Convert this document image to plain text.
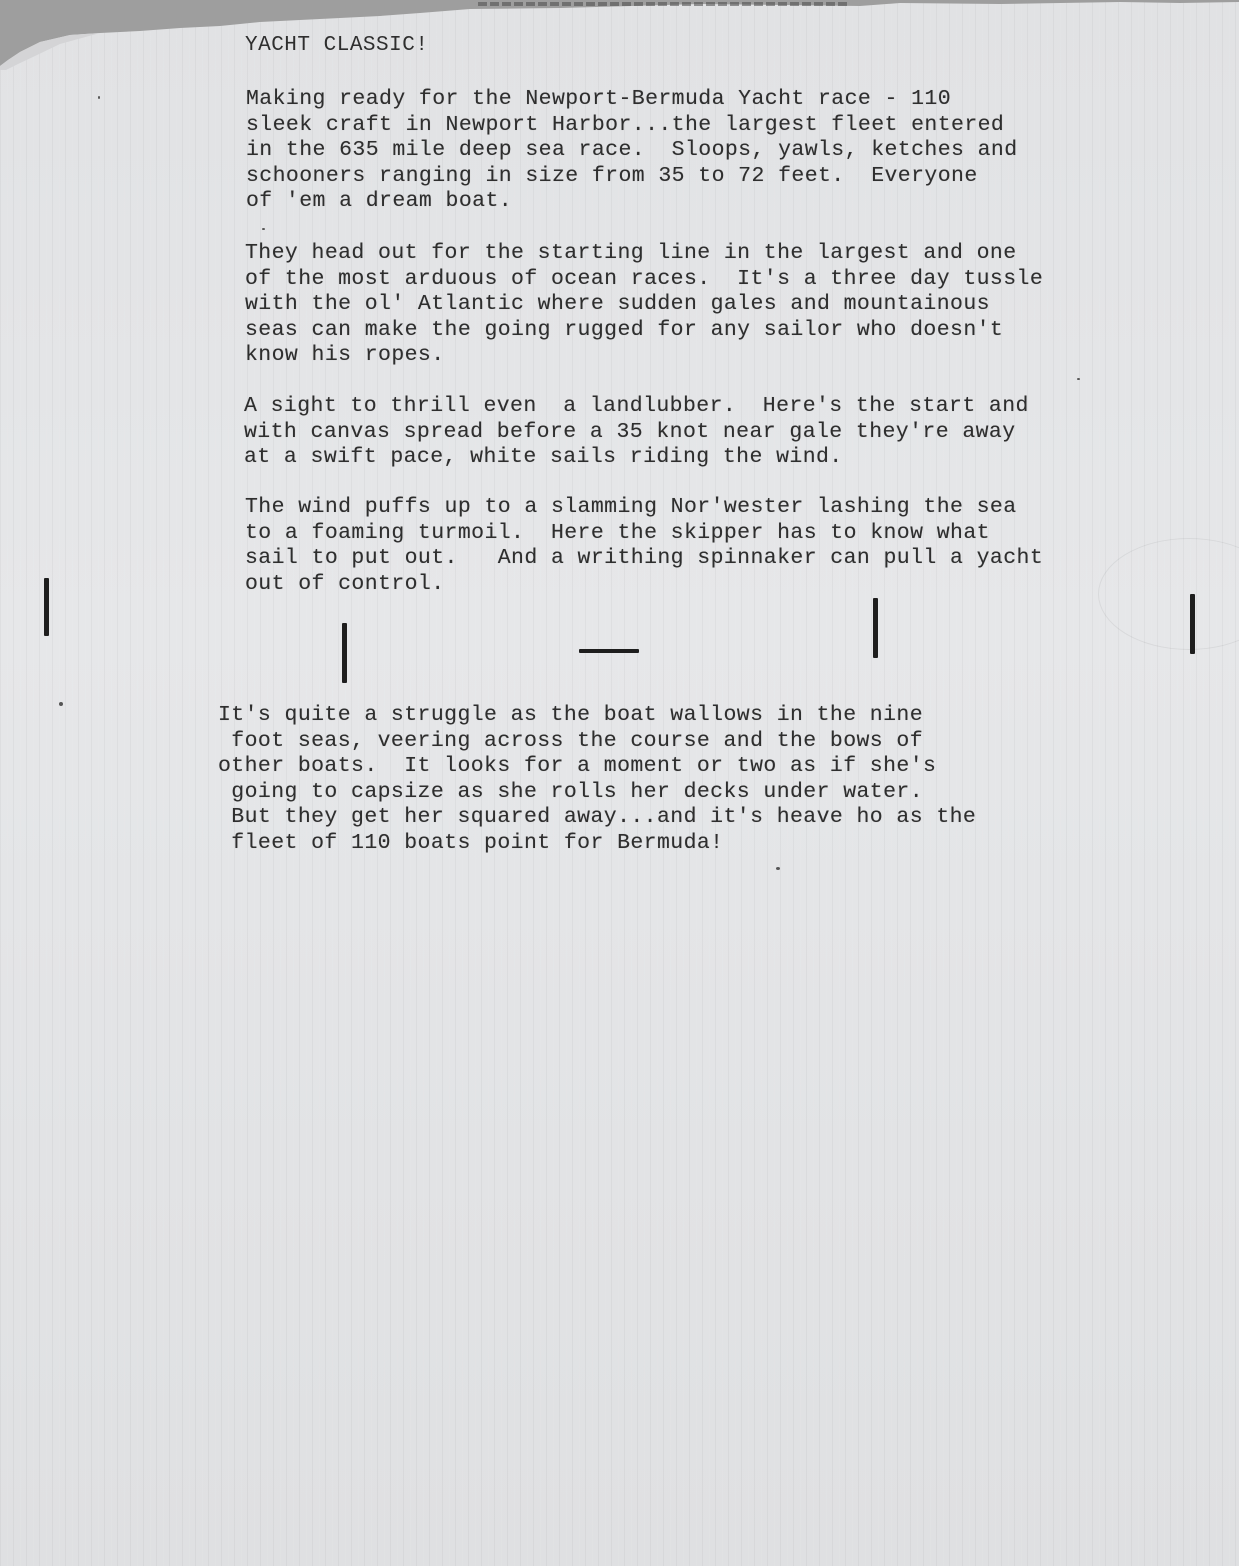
YACHT CLASSIC!

Making ready for the Newport-Bermuda Yacht race - 110
sleek craft in Newport Harbor...the largest fleet entered
in the 635 mile deep sea race.  Sloops, yawls, ketches and
schooners ranging in size from 35 to 72 feet.  Everyone
of 'em a dream boat.

They head out for the starting line in the largest and one
of the most arduous of ocean races.  It's a three day tussle
with the ol' Atlantic where sudden gales and mountainous
seas can make the going rugged for any sailor who doesn't
know his ropes.

A sight to thrill even  a landlubber.  Here's the start and
with canvas spread before a 35 knot near gale they're away
at a swift pace, white sails riding the wind.

The wind puffs up to a slamming Nor'wester lashing the sea
to a foaming turmoil.  Here the skipper has to know what
sail to put out.   And a writhing spinnaker can pull a yacht
out of control.

It's quite a struggle as the boat wallows in the nine
foot seas, veering across the course and the bows of
other boats.  It looks for a moment or two as if she's
going to capsize as she rolls her decks under water.
But they get her squared away...and it's heave ho as the
fleet of 110 boats point for Bermuda!
